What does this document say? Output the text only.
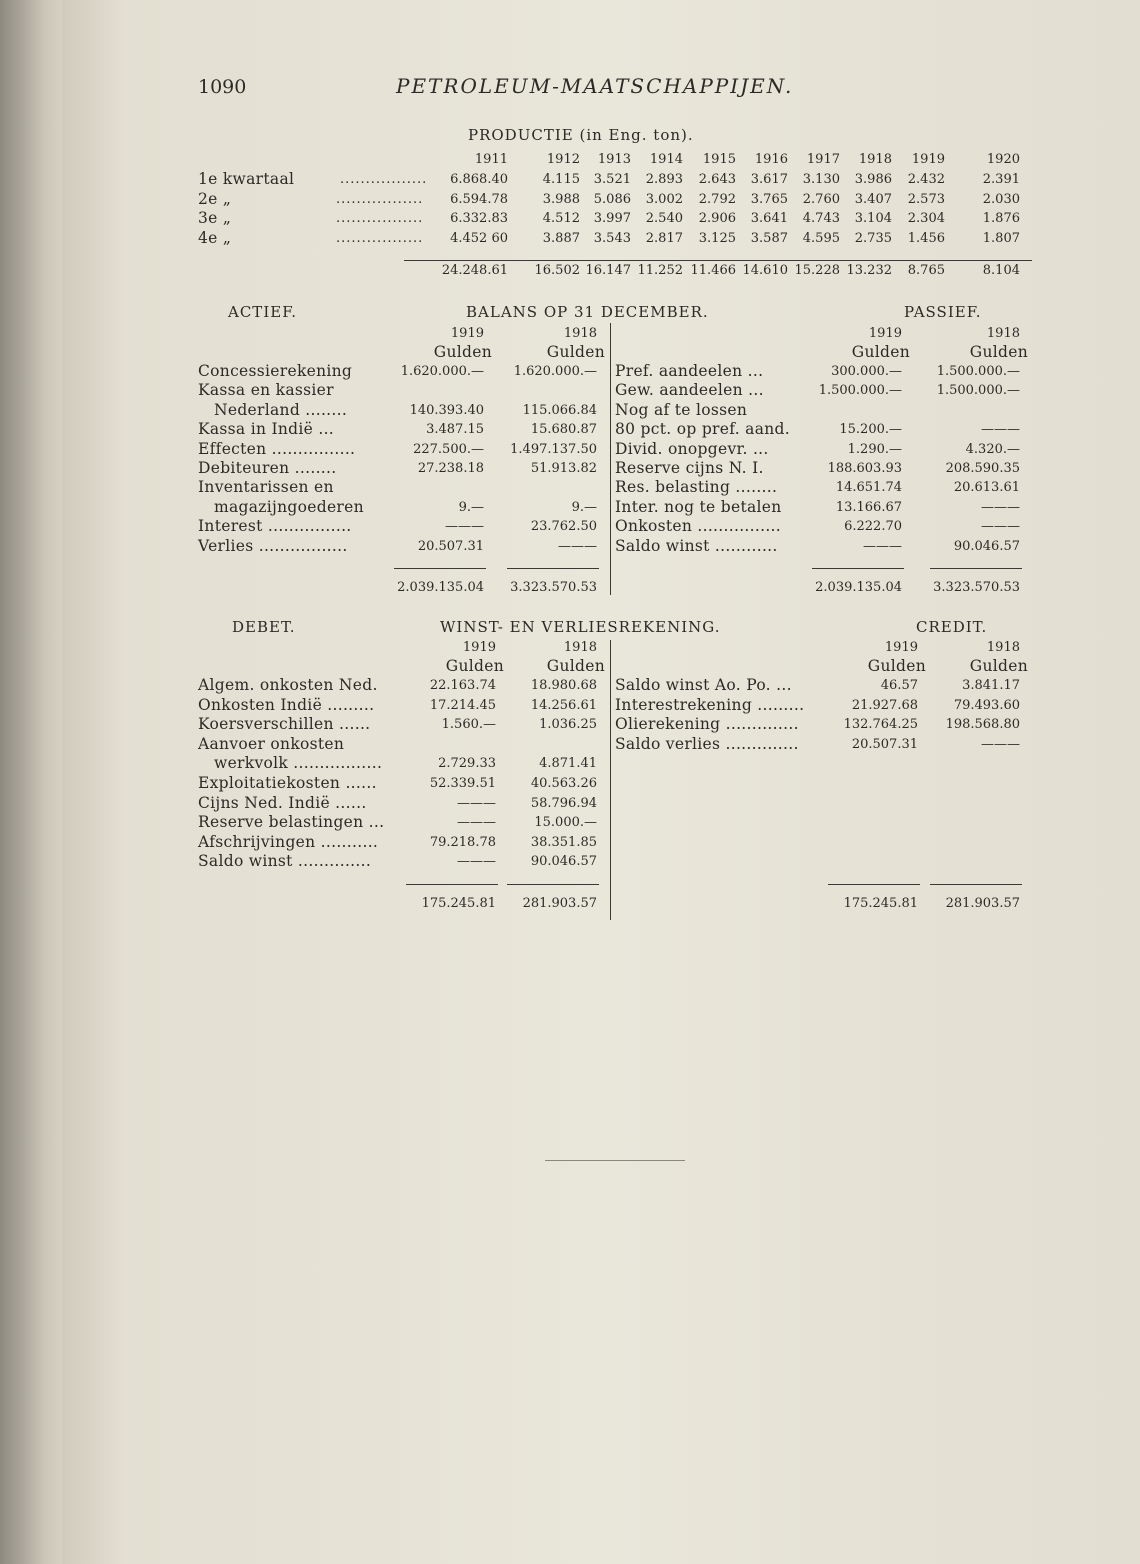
1090	PETROLEUM-MAATSCHAPPIJEN.
PRODUCTIE (in Eng. ton).
1911	1912 1913 1914 1915 1916 1917 1918 1919	1920
1e kwartaal	................. 6.868.40	4.115 3.521 2.893 2.643 3.617 3.130 3.986 2.432	2.391
2e „	................. 6.594.78	3.988 5.086 3.002 2.792 3.765 2.760 3.407 2.573	2.030
3e „	................. 6.332.83	4.512 3.997 2.540 2.906 3.641 4.743 3.104 2.304	1.876
4e „	................. 4.452 60	3.887 3.543 2.817 3.125 3.587 4.595 2.735 1.456	1.807
24.248.61 16.502 16.147 11.252 11.466 14.610 15.228 13.232 8.765	8.104
ACTIEF.	BALANS OP 31 DECEMBER.	PASSIEF.
1919
Gulden
1918
Gulden
1919
Gulden
1918
Gulden
Concessierekening	1.620.000.— 1.620.000.—
Kassa en kassier
Nederland ........	140.393.40	115.066.84
Kassa in Indië ...	3.487.15	15.680.87
Effecten ................	227.500.— 1.497.137.50
Debiteuren ........	27.238.18	51.913.82
Inventarissen en
magazijngoederen	9.—	9.—
Interest ................	———	23.762.50
Verlies .................	20.507.31	———
Pref. aandeelen ...	300.000.—	1.500.000.—
Gew. aandeelen ...	1.500.000.—	1.500.000.—
Nog af te lossen
80 pct. op pref. aand.	15.200.—	———
Divid. onopgevr. ...	1.290.—	4.320.—
Reserve cijns N. I.	188.603.93	208.590.35
Res. belasting ........	14.651.74	20.613.61
Inter. nog te betalen	13.166.67	———
Onkosten ................	6.222.70	———
Saldo winst ............	———	90.046.57
2.039.135.04 3.323.570.53	2.039.135.04 3.323.570.53
DEBET.	WINST- EN VERLIESREKENING.	CREDIT.
1919
Gulden
1918
Gulden
1919
Gulden
1918
Gulden
Algem. onkosten Ned.	22.163.74	18.980.68
Onkosten Indië .........	17.214.45	14.256.61
Koersverschillen ......	1.560.—	1.036.25
Aanvoer onkosten
werkvolk .................	2.729.33	4.871.41
Exploitatiekosten ......	52.339.51	40.563.26
Cijns Ned. Indië ......	———	58.796.94
Reserve belastingen ...	———	15.000.—
Afschrijvingen ...........	79.218.78	38.351.85
Saldo winst ..............	———	90.046.57
Saldo winst Ao. Po. ...	46.57	3.841.17
Interestrekening .........	21.927.68	79.493.60
Olierekening ..............	132.764.25 198.568.80
Saldo verlies ..............	20.507.31	———
175.245.81 281.903.57	175.245.81 281.903.57
